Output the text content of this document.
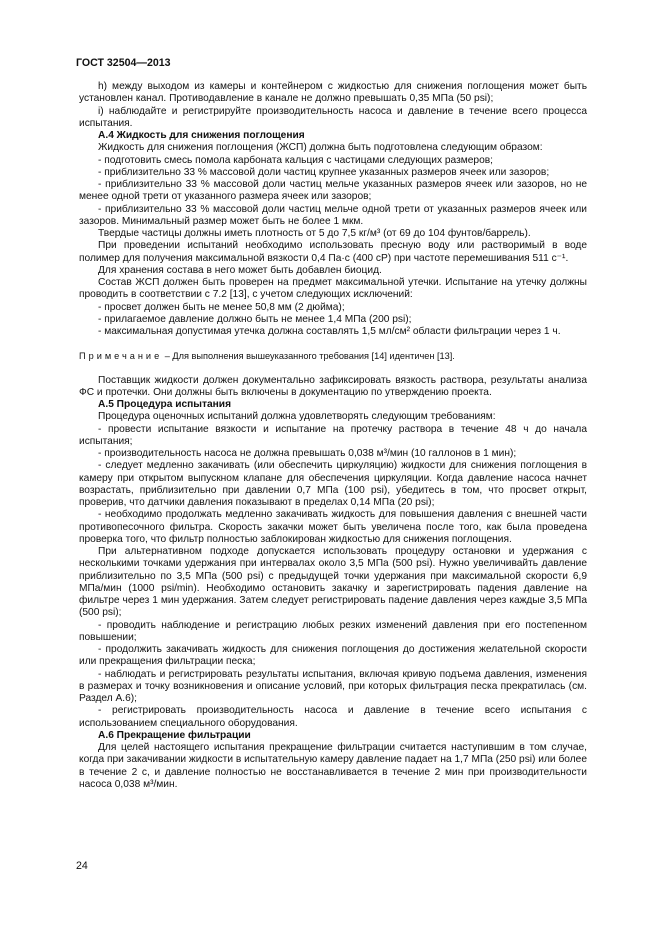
ГОСТ 32504—2013

h) между выходом из камеры и контейнером с жидкостью для снижения поглощения может быть установлен канал. Противодавление в канале не должно превышать 0,35 МПа (50 psi);

i) наблюдайте и регистрируйте производительность насоса и давление в течение всего процесса испытания.

А.4 Жидкость для снижения поглощения

Жидкость для снижения поглощения (ЖСП) должна быть подготовлена следующим образом:

- подготовить смесь помола карбоната кальция с частицами следующих размеров;

- приблизительно 33 % массовой доли частиц крупнее указанных размеров ячеек или зазоров;

- приблизительно 33 % массовой доли частиц мельче указанных размеров ячеек или зазоров, но не менее одной трети от указанного размера ячеек или зазоров;

- приблизительно 33 % массовой доли частиц мельче одной трети от указанных размеров ячеек или зазоров. Минимальный размер может быть не более 1 мкм.

Твердые частицы должны иметь плотность от 5 до 7,5 кг/м³ (от 69 до 104 фунтов/баррель).

При проведении испытаний необходимо использовать пресную воду или растворимый в воде полимер для получения максимальной вязкости 0,4 Па·с (400 сР) при частоте перемешивания 511 с⁻¹.

Для хранения состава в него может быть добавлен биоцид.

Состав ЖСП должен быть проверен на предмет максимальной утечки. Испытание на утечку должны проводить в соответствии с 7.2 [13], с учетом следующих исключений:

- просвет должен быть не менее 50,8 мм (2 дюйма);

- прилагаемое давление должно быть не менее 1,4 МПа (200 psi);

- максимальная допустимая утечка должна составлять 1,5 мл/см² области фильтрации через 1 ч.

Примечание – Для выполнения вышеуказанного требования [14] идентичен [13].

Поставщик жидкости должен документально зафиксировать вязкость раствора, результаты анализа ФС и протечки. Они должны быть включены в документацию по утверждению проекта.

А.5 Процедура испытания

Процедура оценочных испытаний должна удовлетворять следующим требованиям:

- провести испытание вязкости и испытание на протечку раствора в течение 48 ч до начала испытания;

- производительность насоса не должна превышать 0,038 м³/мин (10 галлонов в 1 мин);

- следует медленно закачивать (или обеспечить циркуляцию) жидкости для снижения поглощения в камеру при открытом выпускном клапане для обеспечения циркуляции. Когда давление насоса начнет возрастать, приблизительно при давлении 0,7 МПа (100 psi), убедитесь в том, что просвет открыт, проверив, что датчики давления показывают в пределах 0,14 МПа (20 psi);

- необходимо продолжать медленно закачивать жидкость для повышения давления с внешней части противопесочного фильтра. Скорость закачки может быть увеличена после того, как была проведена проверка того, что фильтр полностью заблокирован жидкостью для снижения поглощения.

При альтернативном подходе допускается использовать процедуру остановки и удержания с несколькими точками удержания при интервалах около 3,5 МПа (500 psi). Нужно увеличивайть давление приблизительно по 3,5 МПа (500 psi) с предыдущей точки удержания при максимальной скорости 6,9 МПа/мин (1000 psi/min). Необходимо остановить закачку и зарегистрировать падения давление на фильтре через 1 мин удержания. Затем следует регистрировать падение давления через каждые 3,5 МПа (500 psi);

- проводить наблюдение и регистрацию любых резких изменений давления при его постепенном повышении;

- продолжить закачивать жидкость для снижения поглощения до достижения желательной скорости или прекращения фильтрации песка;

- наблюдать и регистрировать результаты испытания, включая кривую подъема давления, изменения в размерах и точку возникновения и описание условий, при которых фильтрация песка прекратилась (см. Раздел А.6);

- регистрировать производительность насоса и давление в течение всего испытания с использованием специального оборудования.

А.6 Прекращение фильтрации

Для целей настоящего испытания прекращение фильтрации считается наступившим в том случае, когда при закачивании жидкости в испытательную камеру давление падает на 1,7 МПа (250 psi) или более в течение 2 с, и давление полностью не восстанавливается в течение 2 мин при производительности насоса 0,038 м³/мин.

24
